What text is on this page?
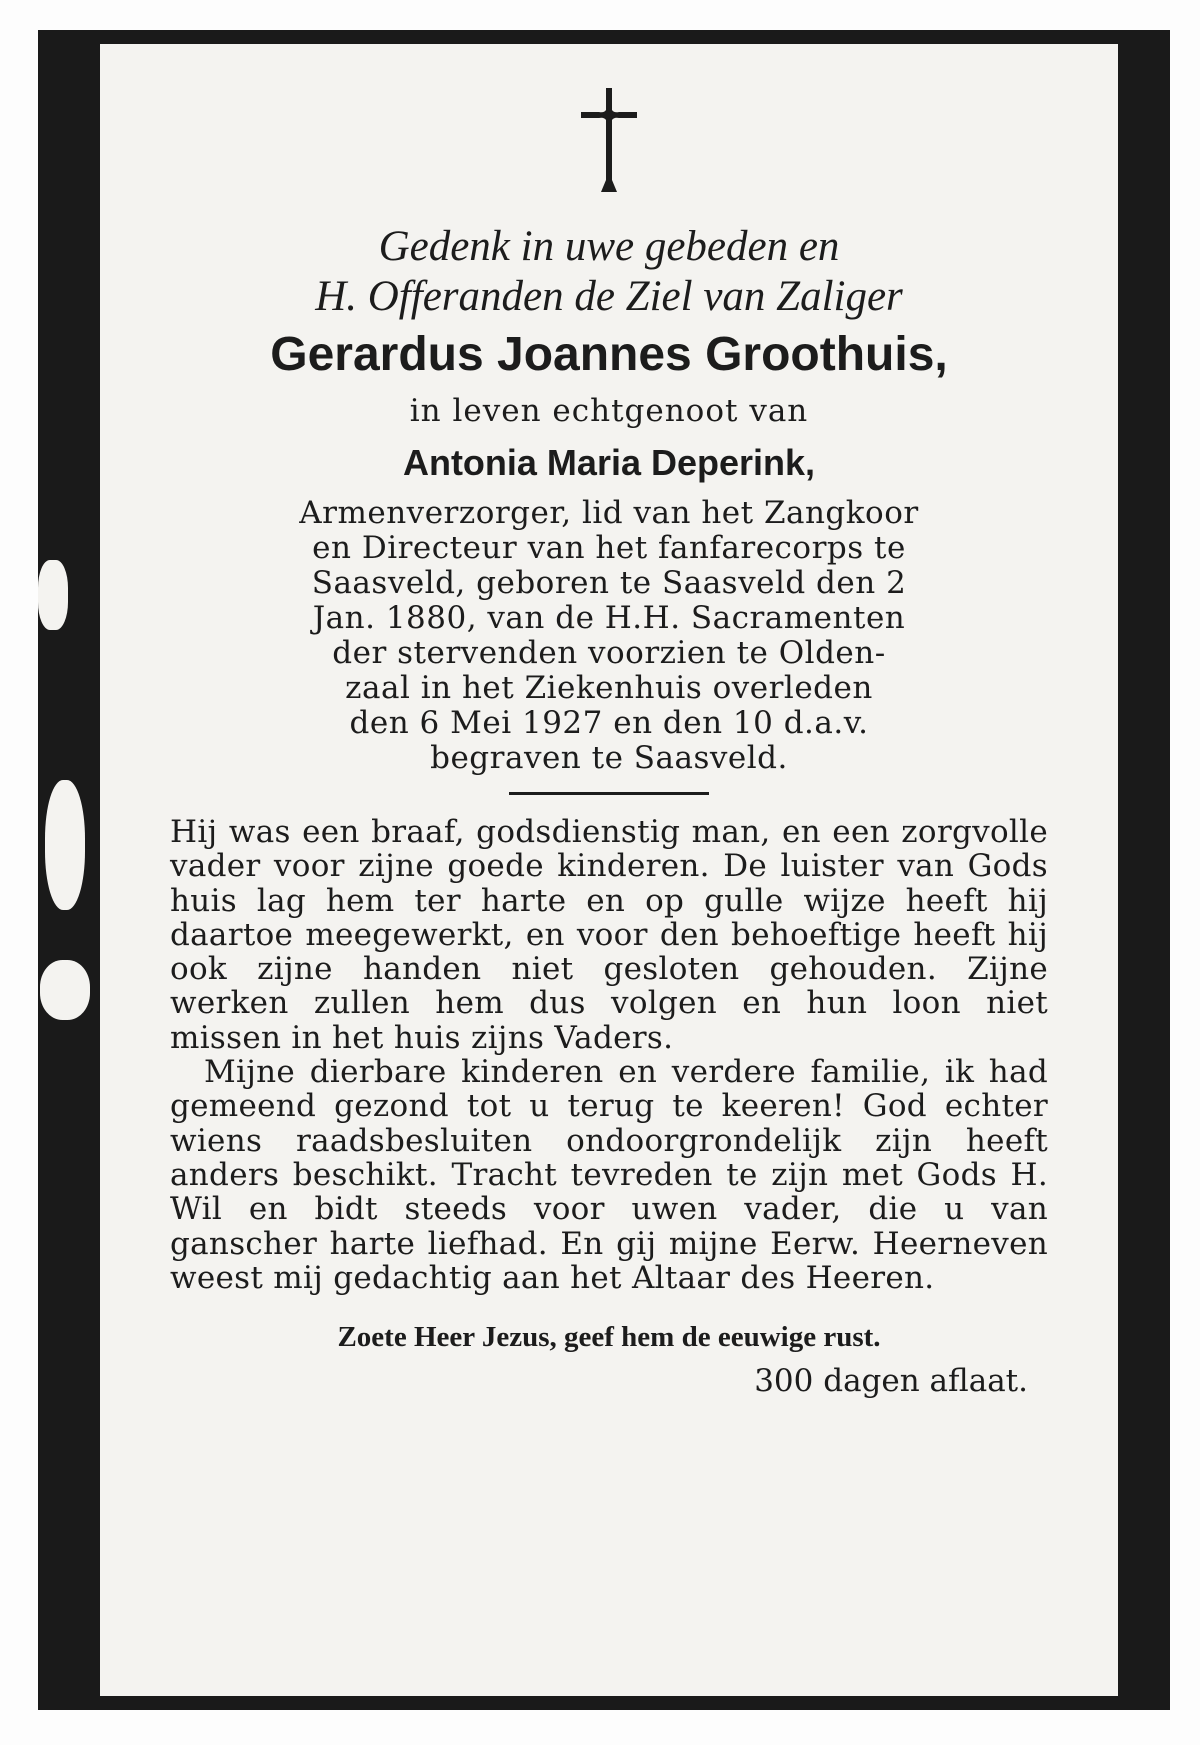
Gedenk in uwe gebeden en

H. Offeranden de Ziel van Zaliger

Gerardus Joannes Groothuis,

in leven echtgenoot van

Antonia Maria Deperink,

Armenverzorger, lid van het Zangkoor
en Directeur van het fanfarecorps te
Saasveld, geboren te Saasveld den 2
Jan. 1880, van de H.H. Sacramenten
der stervenden voorzien te Olden-
zaal in het Ziekenhuis overleden
den 6 Mei 1927 en den 10 d.a.v.
begraven te Saasveld.

Hij was een braaf, godsdienstig man, en een zorgvolle vader voor zijne goede kinderen. De luister van Gods huis lag hem ter harte en op gulle wijze heeft hij daartoe meegewerkt, en voor den behoeftige heeft hij ook zijne handen niet gesloten gehouden. Zijne werken zullen hem dus volgen en hun loon niet missen in het huis zijns Vaders.

Mijne dierbare kinderen en verdere familie, ik had gemeend gezond tot u terug te keeren! God echter wiens raadsbesluiten ondoorgrondelijk zijn heeft anders beschikt. Tracht tevreden te zijn met Gods H. Wil en bidt steeds voor uwen vader, die u van ganscher harte liefhad. En gij mijne Eerw. Heerneven weest mij gedachtig aan het Altaar des Heeren.

Zoete Heer Jezus, geef hem de eeuwige rust.

300 dagen aflaat.
